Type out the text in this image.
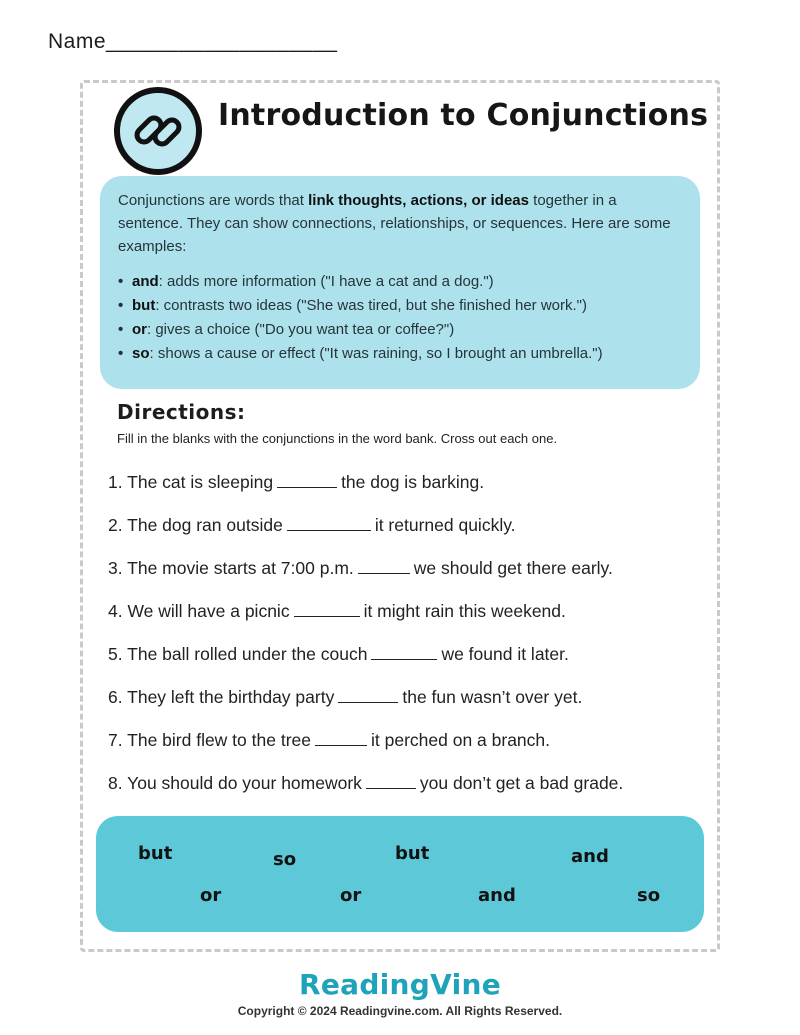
Name___________________
Introduction to Conjunctions

Conjunctions are words that link thoughts, actions, or ideas together in a sentence. They can show connections, relationships, or sequences. Here are some examples:

• and: adds more information ("I have a cat and a dog.")
• but: contrasts two ideas ("She was tired, but she finished her work.")
• or: gives a choice ("Do you want tea or coffee?")
• so: shows a cause or effect ("It was raining, so I brought an umbrella.")
Directions:
Fill in the blanks with the conjunctions in the word bank. Cross out each one.
1. The cat is sleeping	the dog is barking.
2. The dog ran outside	it returned quickly.
3. The movie starts at 7:00 p.m.	we should get there early.
4. We will have a picnic	it might rain this weekend.
5. The ball rolled under the couch	we found it later.
6. They left the birthday party	the fun wasn’t over yet.
7. The bird flew to the tree	it perched on a branch.
8. You should do your homework	you don’t get a bad grade.
but	so	but	and
or	or	and	so
ReadingVine
Copyright © 2024 Readingvine.com. All Rights Reserved.
